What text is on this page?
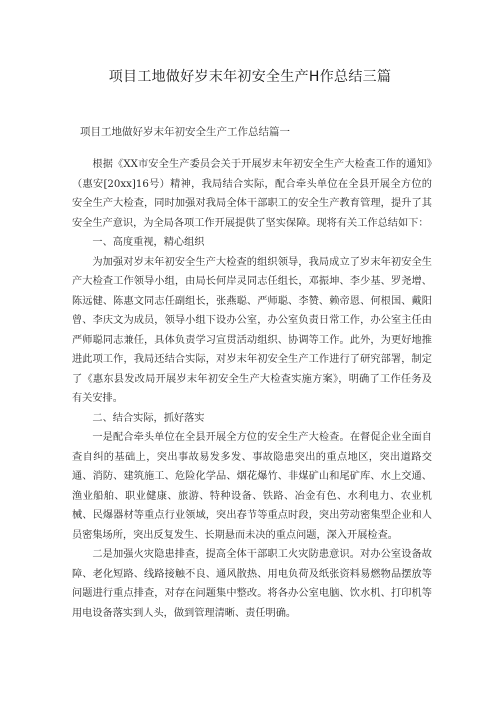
项目工地做好岁末年初安全生产H作总结三篇
项目工地做好岁末年初安全生产工作总结篇一

根据《XX市安全生产委员会关于开展岁末年初安全生产大检查工作的通知》（惠安[20xx]16号）精神，我局结合实际，配合牵头单位在全县开展全方位的安全生产大检查，同时加强对我局全体干部职工的安全生产教育管理，提升了其安全生产意识，为全局各项工作开展提供了坚实保障。现将有关工作总结如下：

一、高度重视，精心组织

为加强对岁末年初安全生产大检查的组织领导，我局成立了岁末年初安全生产大检查工作领导小组，由局长何岸灵同志任组长，邓振坤、李少基、罗尧增、陈远健、陈惠文同志任副组长，张燕聪、严师聪、李赞、赖帝恩、何根国、戴阳曾、李庆文为成员，领导小组下设办公室，办公室负责日常工作，办公室主任由严师聪同志兼任，具体负责学习宣贯活动组织、协调等工作。此外，为更好地推进此项工作，我局还结合实际，对岁末年初安全生产工作进行了研究部署，制定了《惠东县发改局开展岁末年初安全生产大检查实施方案》，明确了工作任务及有关安排。

二、结合实际，抓好落实

一是配合牵头单位在全县开展全方位的安全生产大检查。在督促企业全面自查自纠的基础上，突出事故易发多发、事故隐患突出的重点地区，突出道路交通、消防、建筑施工、危险化学品、烟花爆竹、非煤矿山和尾矿库、水上交通、渔业船舶、职业健康、旅游、特种设备、铁路、冶金有色、水利电力、农业机械、民爆器材等重点行业领域，突出春节等重点时段，突出劳动密集型企业和人员密集场所，突出反复发生、长期悬而未决的重点问题，深入开展检查。

二是加强火灾隐患排查，提高全体干部职工火灾防患意识。对办公室设备故障、老化短路、线路接触不良、通风散热、用电负荷及纸张资料易燃物品摆放等问题进行重点排查，对存在问题集中整改。将各办公室电脑、饮水机、打印机等用电设备落实到人头，做到管理清晰、责任明确。
